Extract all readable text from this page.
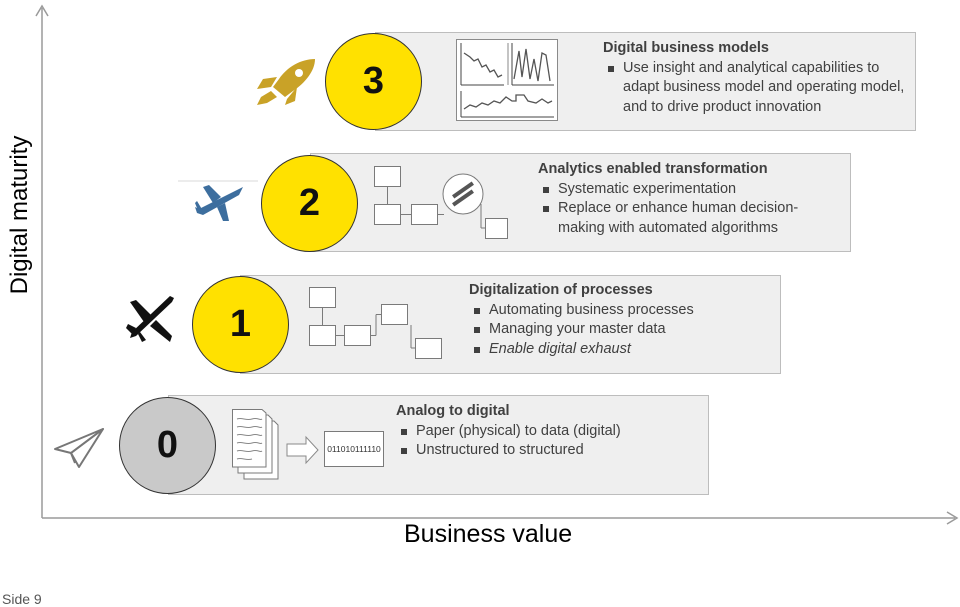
Digital maturity
Business value
Side 9
3
Digital business models
Use insight and analytical capabilities to adapt business model and operating model, and to drive product innovation
2
Analytics enabled transformation
Systematic experimentation
Replace or enhance human decision-making with automated algorithms
1
Digitalization of processes
Automating business processes
Managing your master data
Enable digital exhaust
0	011010111110
Analog to digital
Paper (physical) to data (digital)
Unstructured to structured
